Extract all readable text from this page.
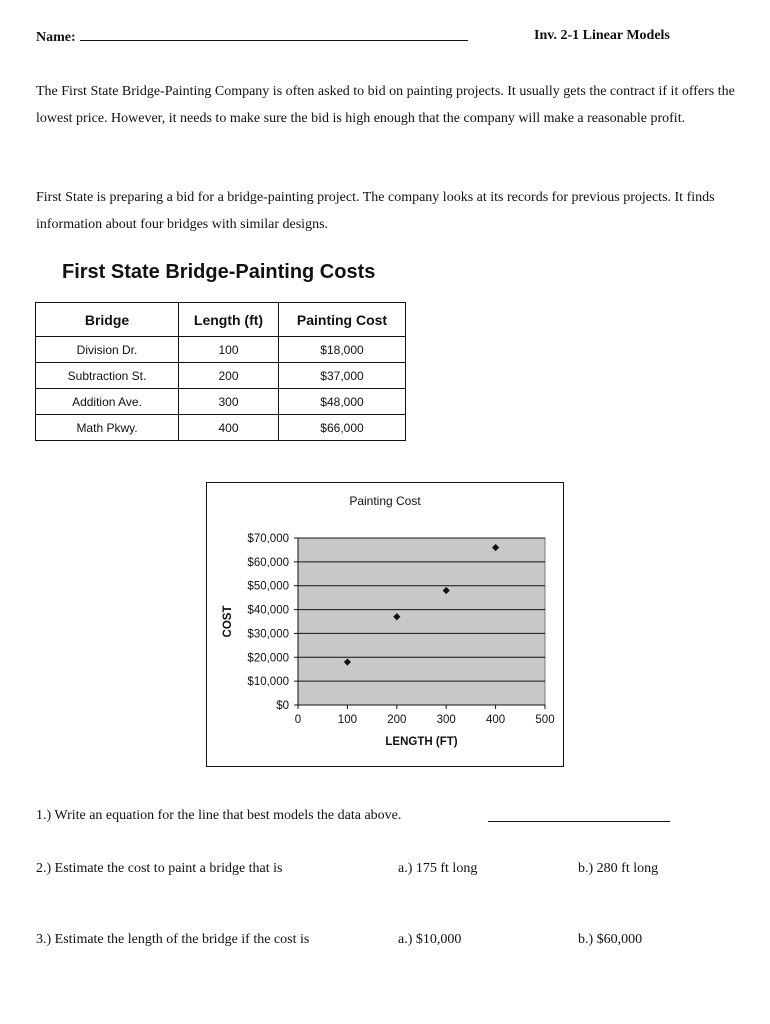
Name:	Inv. 2-1 Linear Models
The First State Bridge-Painting Company is often asked to bid on painting projects. It usually gets the contract if it offers the lowest price. However, it needs to make sure the bid is high enough that the company will make a reasonable profit.
First State is preparing a bid for a bridge-painting project. The company looks at its records for previous projects. It finds information about four bridges with similar designs.
First State Bridge-Painting Costs
Bridge	Length (ft)	Painting Cost
Division Dr.	100	$18,000
Subtraction St.	200	$37,000
Addition Ave.	300	$48,000
Math Pkwy.	400	$66,000
Painting Cost
$0
$10,000
$20,000
$30,000
$40,000
$50,000
$60,000
$70,000
0	100	200	300	400	500
LENGTH (FT)
COST
1.) Write an equation for the line that best models the data above.
2.) Estimate the cost to paint a bridge that is	a.) 175 ft long	b.) 280 ft long
3.) Estimate the length of the bridge if the cost is	a.) $10,000	b.) $60,000
